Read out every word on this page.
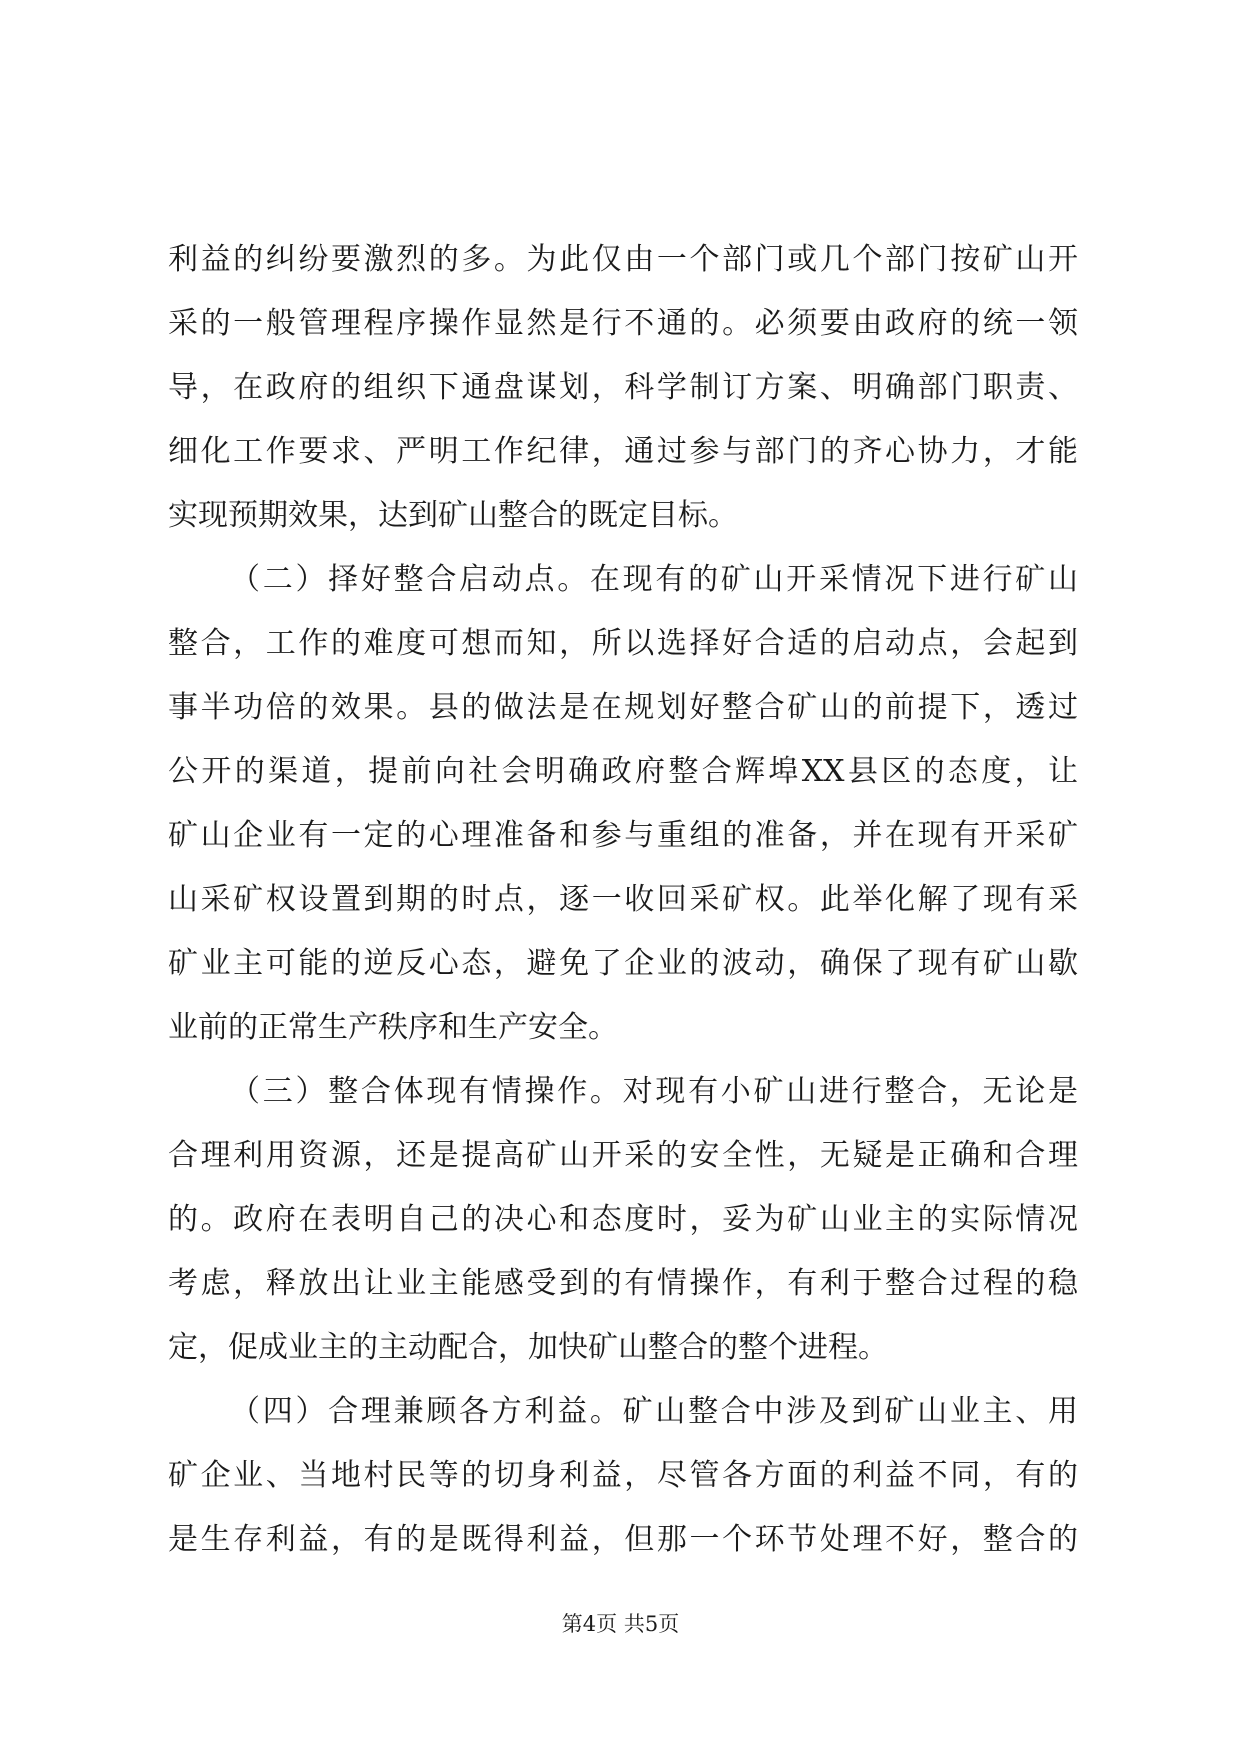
利益的纠纷要激烈的多。为此仅由一个部门或几个部门按矿山开
采的一般管理程序操作显然是行不通的。必须要由政府的统一领
导，在政府的组织下通盘谋划，科学制订方案、明确部门职责、
细化工作要求、严明工作纪律，通过参与部门的齐心协力，才能
实现预期效果，达到矿山整合的既定目标。
（二）择好整合启动点。在现有的矿山开采情况下进行矿山
整合，工作的难度可想而知，所以选择好合适的启动点，会起到
事半功倍的效果。县的做法是在规划好整合矿山的前提下，透过
公开的渠道，提前向社会明确政府整合辉埠XX县区的态度，让
矿山企业有一定的心理准备和参与重组的准备，并在现有开采矿
山采矿权设置到期的时点，逐一收回采矿权。此举化解了现有采
矿业主可能的逆反心态，避免了企业的波动，确保了现有矿山歇
业前的正常生产秩序和生产安全。
（三）整合体现有情操作。对现有小矿山进行整合，无论是
合理利用资源，还是提高矿山开采的安全性，无疑是正确和合理
的。政府在表明自己的决心和态度时，妥为矿山业主的实际情况
考虑，释放出让业主能感受到的有情操作，有利于整合过程的稳
定，促成业主的主动配合，加快矿山整合的整个进程。
（四）合理兼顾各方利益。矿山整合中涉及到矿山业主、用
矿企业、当地村民等的切身利益，尽管各方面的利益不同，有的
是生存利益，有的是既得利益，但那一个环节处理不好，整合的
第4页 共5页
